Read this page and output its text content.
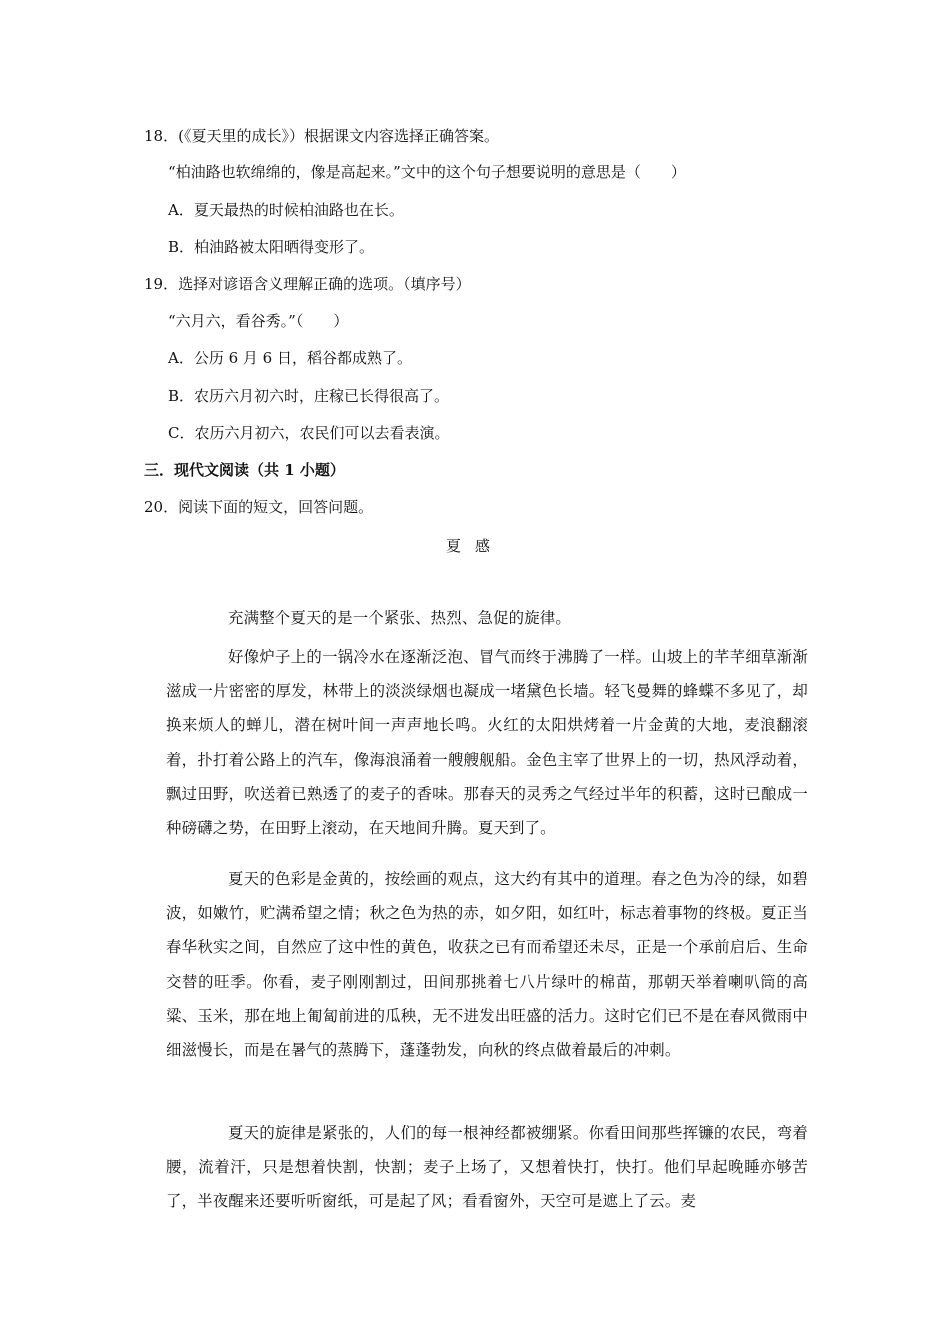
18．(《夏天里的成长》）根据课文内容选择正确答案。

“柏油路也软绵绵的，像是高起来。”文中的这个句子想要说明的意思是（　　）

A．夏天最热的时候柏油路也在长。

B．柏油路被太阳晒得变形了。

19．选择对谚语含义理解正确的选项。（填序号）

“六月六，看谷秀。”（　　）

A．公历 6 月 6 日，稻谷都成熟了。

B．农历六月初六时，庄稼已长得很高了。

C．农历六月初六，农民们可以去看表演。

三．现代文阅读（共 1 小题）

20．阅读下面的短文，回答问题。

夏感

充满整个夏天的是一个紧张、热烈、急促的旋律。

好像炉子上的一锅冷水在逐渐泛泡、冒气而终于沸腾了一样。山坡上的芊芊细草渐渐滋成一片密密的厚发，林带上的淡淡绿烟也凝成一堵黛色长墙。轻飞曼舞的蜂蝶不多见了，却换来烦人的蝉儿，潜在树叶间一声声地长鸣。火红的太阳烘烤着一片金黄的大地，麦浪翻滚着，扑打着公路上的汽车，像海浪涌着一艘艘舰船。金色主宰了世界上的一切，热风浮动着，飘过田野，吹送着已熟透了的麦子的香味。那春天的灵秀之气经过半年的积蓄，这时已酿成一种磅礴之势，在田野上滚动，在天地间升腾。夏天到了。

夏天的色彩是金黄的，按绘画的观点，这大约有其中的道理。春之色为冷的绿，如碧波，如嫩竹，贮满希望之情；秋之色为热的赤，如夕阳，如红叶，标志着事物的终极。夏正当春华秋实之间，自然应了这中性的黄色，收获之已有而希望还未尽，正是一个承前启后、生命交替的旺季。你看，麦子刚刚割过，田间那挑着七八片绿叶的棉苗，那朝天举着喇叭筒的高粱、玉米，那在地上匍匐前进的瓜秧，无不进发出旺盛的活力。这时它们已不是在春风微雨中细滋慢长，而是在暑气的蒸腾下，蓬蓬勃发，向秋的终点做着最后的冲刺。

夏天的旋律是紧张的，人们的每一根神经都被绷紧。你看田间那些挥镰的农民，弯着腰，流着汗，只是想着快割，快割；麦子上场了，又想着快打，快打。他们早起晚睡亦够苦了，半夜醒来还要听听窗纸，可是起了风；看看窗外，天空可是遮上了云。麦
